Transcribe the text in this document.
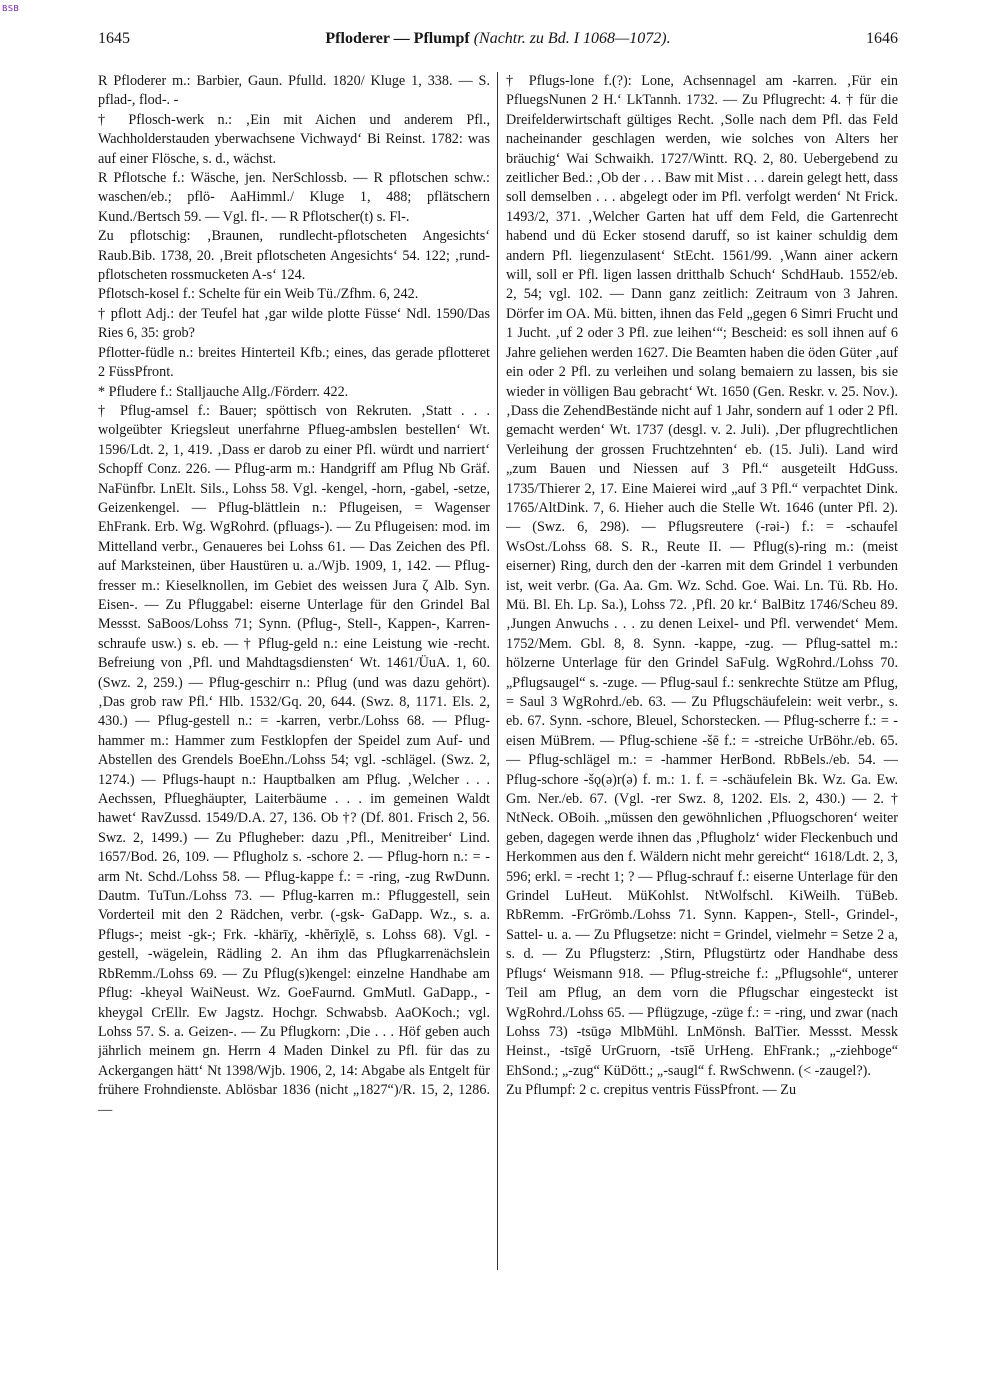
BSB
1645	Pfloderer — Pflumpf (Nachtr. zu Bd. I 1068—1072).	1646

R Pfloderer m.: Barbier, Gaun. Pfulld. 1820/ Kluge 1, 338. — S. pflad-, flod-. -

† Pflosch-werk n.: ‚Ein mit Aichen und anderem Pfl., Wachholderstauden yberwachsene Vichwayd‘ Bi Reinst. 1782: was auf einer Flösche, s. d., wächst.

R Pflotsche f.: Wäsche, jen. NerSchlossb. — R pflotschen schw.: waschen/eb.; pflö- AaHimml./ Kluge 1, 488; pflätschern Kund./Bertsch 59. — Vgl. fl-. — R Pflotscher(t) s. Fl-.

Zu pflotschig: ‚Braunen, rundlecht-pflotscheten Angesichts‘ Raub.Bib. 1738, 20. ‚Breit pflotscheten Angesichts‘ 54. 122; ‚rund-pflotscheten rossmucketen A-s‘ 124.

Pflotsch-kosel f.: Schelte für ein Weib Tü./Zfhm. 6, 242.

† pflott Adj.: der Teufel hat ‚gar wilde plotte Füsse‘ Ndl. 1590/Das Ries 6, 35: grob?

Pflotter-füdle n.: breites Hinterteil Kfb.; eines, das gerade pflotteret 2 FüssPfront.

* Pfludere f.: Stalljauche Allg./Förderr. 422.

† Pflug-amsel f.: Bauer; spöttisch von Rekruten. ‚Statt . . . wolgeübter Kriegsleut unerfahrne Pflueg-ambslen bestellen‘ Wt. 1596/Ldt. 2, 1, 419. ‚Dass er darob zu einer Pfl. würdt und narriert‘ Schopff Conz. 226. — Pflug-arm m.: Handgriff am Pflug Nb Gräf. NaFünfbr. LnElt. Sils., Lohss 58. Vgl. -kengel, -horn, -gabel, -setze, Geizenkengel. — Pflug-blättlein n.: Pflugeisen, = Wagenser EhFrank. Erb. Wg. WgRohrd. (pfluags-). — Zu Pflugeisen: mod. im Mittelland verbr., Genaueres bei Lohss 61. — Das Zeichen des Pfl. auf Marksteinen, über Haustüren u. a./Wjb. 1909, 1, 142. — Pflug-fresser m.: Kieselknollen, im Gebiet des weissen Jura ζ Alb. Syn. Eisen-. — Zu Pfluggabel: eiserne Unterlage für den Grindel Bal Messst. SaBoos/Lohss 71; Synn. (Pflug-, Stell-, Kappen-, Karren-schraufe usw.) s. eb. — † Pflug-geld n.: eine Leistung wie -recht. Befreiung von ‚Pfl. und Mahdtagsdiensten‘ Wt. 1461/ÜuA. 1, 60. (Swz. 2, 259.) — Pflug-geschirr n.: Pflug (und was dazu gehört). ‚Das grob raw Pfl.‘ Hlb. 1532/Gq. 20, 644. (Swz. 8, 1171. Els. 2, 430.) — Pflug-gestell n.: = -karren, verbr./Lohss 68. — Pflug-hammer m.: Hammer zum Festklopfen der Speidel zum Auf- und Abstellen des Grendels BoeEhn./Lohss 54; vgl. -schlägel. (Swz. 2, 1274.) — Pflugs-haupt n.: Hauptbalken am Pflug. ‚Welcher . . . Aechssen, Pflueghäupter, Laiterbäume . . . im gemeinen Waldt hawet‘ RavZussd. 1549/D.A. 27, 136. Ob †? (Df. 801. Frisch 2, 56. Swz. 2, 1499.) — Zu Pflugheber: dazu ‚Pfl., Menitreiber‘ Lind. 1657/Bod. 26, 109. — Pflugholz s. -schore 2. — Pflug-horn n.: = -arm Nt. Schd./Lohss 58. — Pflug-kappe f.: = -ring, -zug RwDunn. Dautm. TuTun./Lohss 73. — Pflug-karren m.: Pfluggestell, sein Vorderteil mit den 2 Rädchen, verbr. (-gsk- GaDapp. Wz., s. a. Pflugs-; meist -gk-; Frk. -khärīχ, -khĕrīχlĕ, s. Lohss 68). Vgl. -gestell, -wägelein, Rädling 2. An ihm das Pflugkarrenächslein RbRemm./Lohss 69. — Zu Pflug(s)kengel: einzelne Handhabe am Pflug: -kheyəl WaiNeust. Wz. GoeFaurnd. GmMutl. GaDapp., -kheygəl CrEllr. Ew Jagstz. Hochgr. Schwabsb. AaOKoch.; vgl. Lohss 57. S. a. Geizen-. — Zu Pflugkorn: ‚Die . . . Höf geben auch jährlich meinem gn. Herrn 4 Maden Dinkel zu Pfl. für das zu Ackergangen hätt‘ Nt 1398/Wjb. 1906, 2, 14: Abgabe als Entgelt für frühere Frohndienste. Ablösbar 1836 (nicht „1827“)/R. 15, 2, 1286. —

† Pflugs-lone f.(?): Lone, Achsennagel am -karren. ‚Für ein PfluegsNunen 2 H.‘ LkTannh. 1732. — Zu Pflugrecht: 4. † für die Dreifelderwirtschaft gültiges Recht. ‚Solle nach dem Pfl. das Feld nacheinander geschlagen werden, wie solches von Alters her bräuchig‘ Wai Schwaikh. 1727/Wintt. RQ. 2, 80. Uebergebend zu zeitlicher Bed.: ‚Ob der . . . Baw mit Mist . . . darein gelegt hett, dass soll demselben . . . abgelegt oder im Pfl. verfolgt werden‘ Nt Frick. 1493/2, 371. ‚Welcher Garten hat uff dem Feld, die Gartenrecht habend und dü Ecker stosend daruff, so ist kainer schuldig dem andern Pfl. liegenzulasent‘ StEcht. 1561/99. ‚Wann ainer ackern will, soll er Pfl. ligen lassen dritthalb Schuch‘ SchdHaub. 1552/eb. 2, 54; vgl. 102. — Dann ganz zeitlich: Zeitraum von 3 Jahren. Dörfer im OA. Mü. bitten, ihnen das Feld „gegen 6 Simri Frucht und 1 Jucht. ‚uf 2 oder 3 Pfl. zue leihen‘“; Bescheid: es soll ihnen auf 6 Jahre geliehen werden 1627. Die Beamten haben die öden Güter ‚auf ein oder 2 Pfl. zu verleihen und solang bemaiern zu lassen, bis sie wieder in völligen Bau gebracht‘ Wt. 1650 (Gen. Reskr. v. 25. Nov.). ‚Dass die ZehendBestände nicht auf 1 Jahr, sondern auf 1 oder 2 Pfl. gemacht werden‘ Wt. 1737 (desgl. v. 2. Juli). ‚Der pflugrechtlichen Verleihung der grossen Fruchtzehnten‘ eb. (15. Juli). Land wird „zum Bauen und Niessen auf 3 Pfl.“ ausgeteilt HdGuss. 1735/Thierer 2, 17. Eine Maierei wird „auf 3 Pfl.“ verpachtet Dink. 1765/AltDink. 7, 6. Hieher auch die Stelle Wt. 1646 (unter Pfl. 2). — (Swz. 6, 298). — Pflugsreutere (-rəi-) f.: = -schaufel WsOst./Lohss 68. S. R., Reute II. — Pflug(s)-ring m.: (meist eiserner) Ring, durch den der -karren mit dem Grindel 1 verbunden ist, weit verbr. (Ga. Aa. Gm. Wz. Schd. Goe. Wai. Ln. Tü. Rb. Ho. Mü. Bl. Eh. Lp. Sa.), Lohss 72. ‚Pfl. 20 kr.‘ BalBitz 1746/Scheu 89. ‚Jungen Anwuchs . . . zu denen Leixel- und Pfl. verwendet‘ Mem. 1752/Mem. Gbl. 8, 8. Synn. -kappe, -zug. — Pflug-sattel m.: hölzerne Unterlage für den Grindel SaFulg. WgRohrd./Lohss 70. „Pflugsaugel“ s. -zuge. — Pflug-saul f.: senkrechte Stütze am Pflug, = Saul 3 WgRohrd./eb. 63. — Zu Pflugschäufelein: weit verbr., s. eb. 67. Synn. -schore, Bleuel, Schorstecken. — Pflug-scherre f.: = -eisen MüBrem. — Pflug-schiene -šē f.: = -streiche UrBöhr./eb. 65. — Pflug-schlägel m.: = -hammer HerBond. RbBels./eb. 54. — Pflug-schore -šǫ(ə)r(ə) f. m.: 1. f. = -schäufelein Bk. Wz. Ga. Ew. Gm. Ner./eb. 67. (Vgl. -rer Swz. 8, 1202. Els. 2, 430.) — 2. † NtNeck. OBoih. „müssen den gewöhnlichen ‚Pfluogschoren‘ weiter geben, dagegen werde ihnen das ‚Pflugholz‘ wider Fleckenbuch und Herkommen aus den f. Wäldern nicht mehr gereicht“ 1618/Ldt. 2, 3, 596; erkl. = -recht 1; ? — Pflug-schrauf f.: eiserne Unterlage für den Grindel LuHeut. MüKohlst. NtWolfschl. KiWeilh. TüBeb. RbRemm. -FrGrömb./Lohss 71. Synn. Kappen-, Stell-, Grindel-, Sattel- u. a. — Zu Pflugsetze: nicht = Grindel, vielmehr = Setze 2 a, s. d. — Zu Pflugsterz: ‚Stirn, Pflugstürtz oder Handhabe dess Pflugs‘ Weismann 918. — Pflug-streiche f.: „Pflugsohle“, unterer Teil am Pflug, an dem vorn die Pflugschar eingesteckt ist WgRohrd./Lohss 65. — Pflügzuge, -züge f.: = -ring, und zwar (nach Lohss 73) -tsūgə MlbMühl. LnMönsh. BalTier. Messst. Messk Heinst., -tsīgĕ UrGruorn, -tsīĕ UrHeng. EhFrank.; „-ziehboge“ EhSond.; „-zug“ KüDött.; „-saugl“ f. RwSchwenn. (< -zaugel?).

Zu Pflumpf: 2 c. crepitus ventris FüssPfront. — Zu
